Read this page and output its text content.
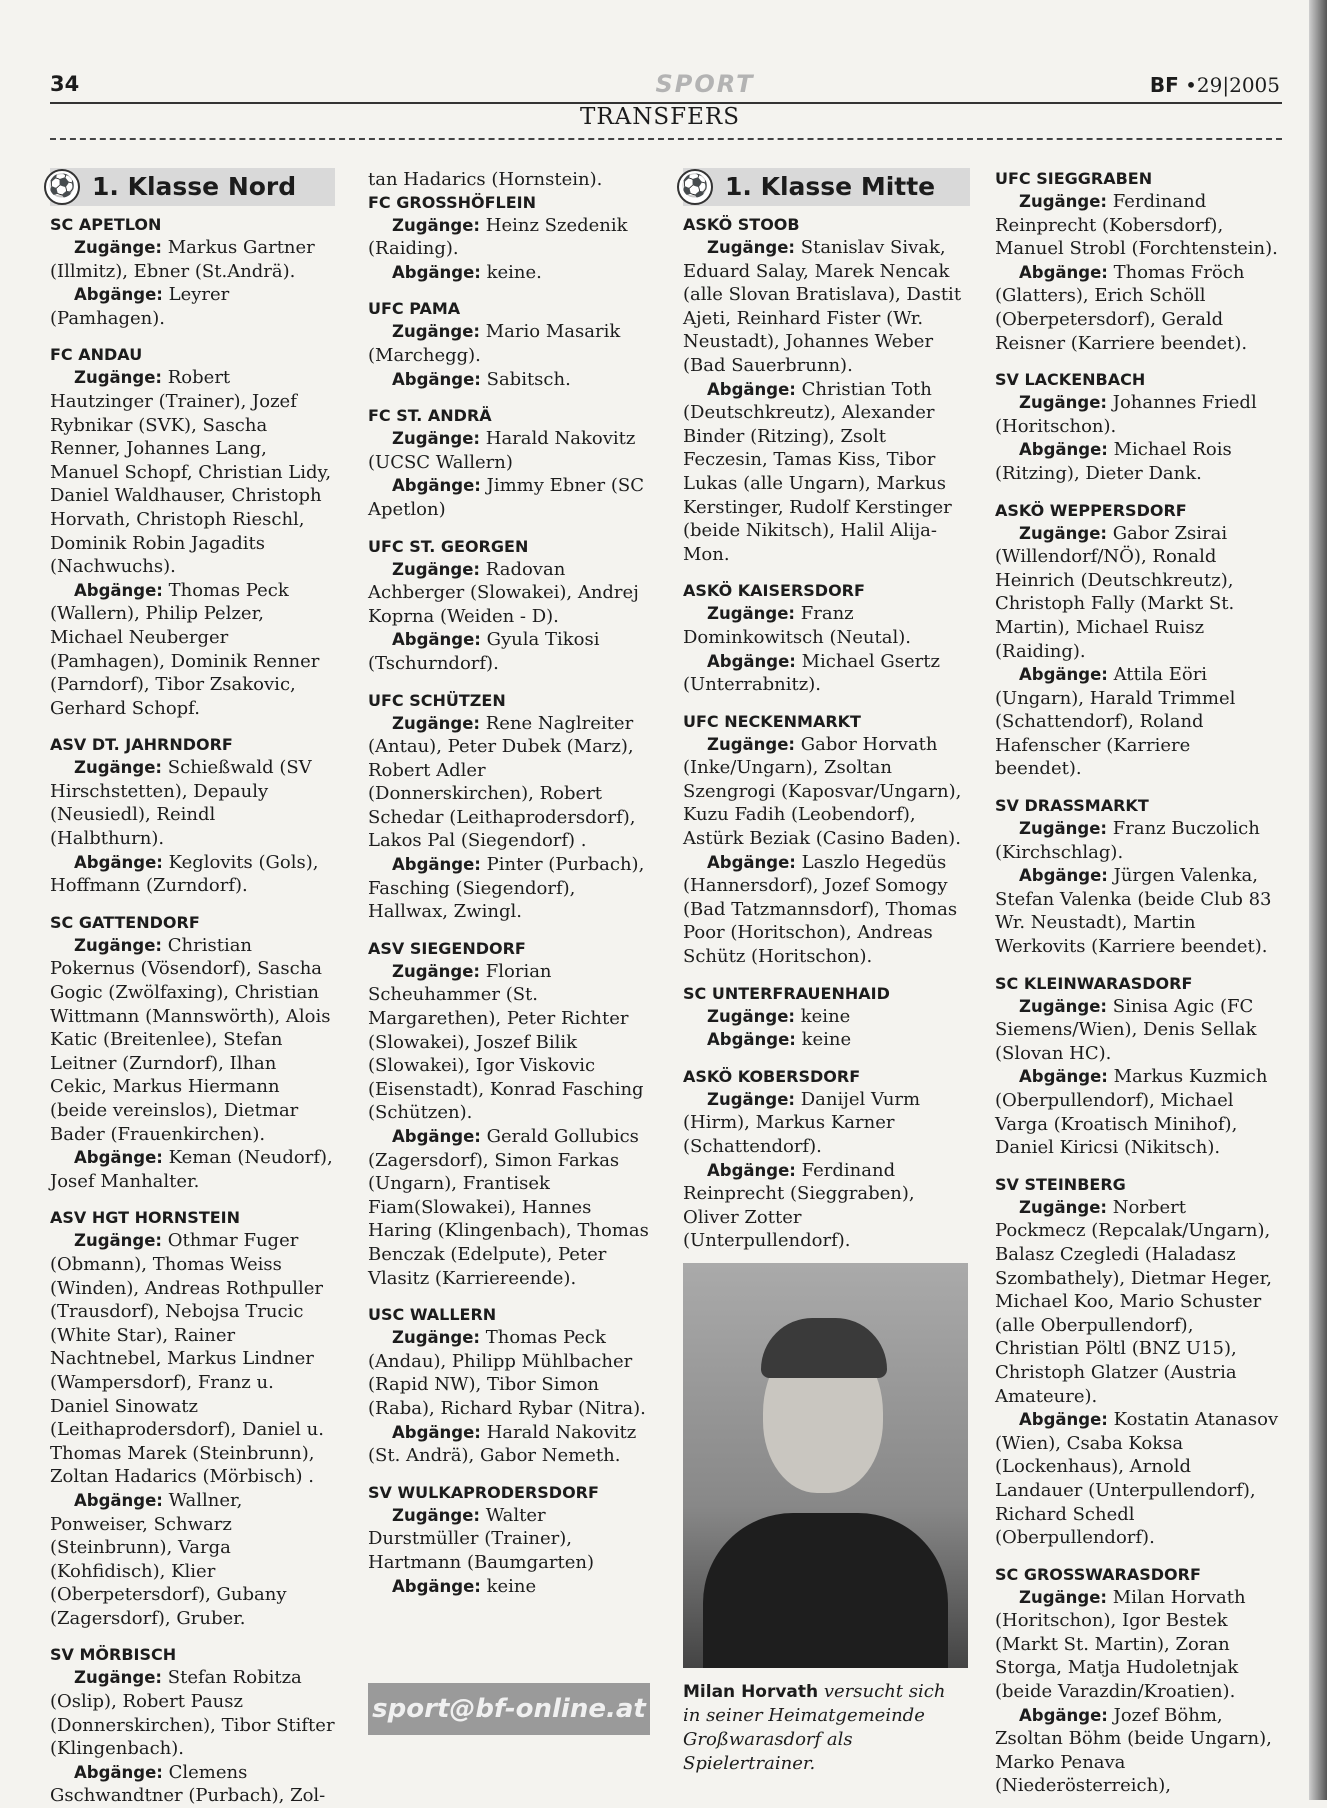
34	SPORT	BF •29|2005
TRANSFERS
⚽ 1. Klasse Nord
SC APETLON

Zugänge: Markus Gartner (Illmitz), Ebner (St.Andrä).

Abgänge: Leyrer (Pamhagen).

FC ANDAU

Zugänge: Robert Hautzinger (Trainer), Jozef Rybnikar (SVK), Sascha Renner, Johannes Lang, Manuel Schopf, Christian Lidy, Daniel Waldhauser, Christoph Horvath, Christoph Rieschl, Dominik Robin Jagadits (Nachwuchs).

Abgänge: Thomas Peck (Wallern), Philip Pelzer, Michael Neuberger (Pamhagen), Dominik Renner (Parndorf), Tibor Zsakovic, Gerhard Schopf.

ASV DT. JAHRNDORF

Zugänge: Schießwald (SV Hirschstetten), Depauly (Neusiedl), Reindl (Halbthurn).

Abgänge: Keglovits (Gols), Hoffmann (Zurndorf).

SC GATTENDORF

Zugänge: Christian Pokernus (Vösendorf), Sascha Gogic (Zwölfaxing), Christian Wittmann (Mannswörth), Alois Katic (Breitenlee), Stefan Leitner (Zurndorf), Ilhan Cekic, Markus Hiermann (beide vereinslos), Dietmar Bader (Frauenkirchen).

Abgänge: Keman (Neudorf), Josef Manhalter.

ASV HGT HORNSTEIN

Zugänge: Othmar Fuger (Obmann), Thomas Weiss (Winden), Andreas Rothpuller (Trausdorf), Nebojsa Trucic (White Star), Rainer Nachtnebel, Markus Lindner (Wampersdorf), Franz u. Daniel Sinowatz (Leithaprodersdorf), Daniel u. Thomas Marek (Steinbrunn), Zoltan Hadarics (Mörbisch) .

Abgänge: Wallner, Ponweiser, Schwarz (Steinbrunn), Varga (Kohfidisch), Klier (Oberpetersdorf), Gubany (Zagersdorf), Gruber.

SV MÖRBISCH

Zugänge: Stefan Robitza (Oslip), Robert Pausz (Donnerskirchen), Tibor Stifter (Klingenbach).

Abgänge: Clemens Gschwandtner (Purbach), Zol-

tan Hadarics (Hornstein).

FC GROSSHÖFLEIN

Zugänge: Heinz Szedenik (Raiding).

Abgänge: keine.

UFC PAMA

Zugänge: Mario Masarik (Marchegg).

Abgänge: Sabitsch.

FC ST. ANDRÄ

Zugänge: Harald Nakovitz (UCSC Wallern)

Abgänge: Jimmy Ebner (SC Apetlon)

UFC ST. GEORGEN

Zugänge: Radovan Achberger (Slowakei), Andrej Koprna (Weiden - D).

Abgänge: Gyula Tikosi (Tschurndorf).

UFC SCHÜTZEN

Zugänge: Rene Naglreiter (Antau), Peter Dubek (Marz), Robert Adler (Donnerskirchen), Robert Schedar (Leithaprodersdorf), Lakos Pal (Siegendorf) .

Abgänge: Pinter (Purbach), Fasching (Siegendorf), Hallwax, Zwingl.

ASV SIEGENDORF

Zugänge: Florian Scheuhammer (St. Margarethen), Peter Richter (Slowakei), Joszef Bilik (Slowakei), Igor Viskovic (Eisenstadt), Konrad Fasching (Schützen).

Abgänge: Gerald Gollubics (Zagersdorf), Simon Farkas (Ungarn), Frantisek Fiam(Slowakei), Hannes Haring (Klingenbach), Thomas Benczak (Edelpute), Peter Vlasitz (Karriereende).

USC WALLERN

Zugänge: Thomas Peck (Andau), Philipp Mühlbacher (Rapid NW), Tibor Simon (Raba), Richard Rybar (Nitra).

Abgänge: Harald Nakovitz (St. Andrä), Gabor Nemeth.

SV WULKAPRODERSDORF

Zugänge: Walter Durstmüller (Trainer), Hartmann (Baumgarten)

Abgänge: keine

⚽ 1. Klasse Mitte
ASKÖ STOOB

Zugänge: Stanislav Sivak, Eduard Salay, Marek Nencak (alle Slovan Bratislava), Dastit Ajeti, Reinhard Fister (Wr. Neustadt), Johannes Weber (Bad Sauerbrunn).

Abgänge: Christian Toth (Deutschkreutz), Alexander Binder (Ritzing), Zsolt Feczesin, Tamas Kiss, Tibor Lukas (alle Ungarn), Markus Kerstinger, Rudolf Kerstinger (beide Nikitsch), Halil Alija-Mon.

ASKÖ KAISERSDORF

Zugänge: Franz Dominkowitsch (Neutal).

Abgänge: Michael Gsertz (Unterrabnitz).

UFC NECKENMARKT

Zugänge: Gabor Horvath (Inke/Ungarn), Zsoltan Szengrogi (Kaposvar/Ungarn), Kuzu Fadih (Leobendorf), Astürk Beziak (Casino Baden).

Abgänge: Laszlo Hegedüs (Hannersdorf), Jozef Somogy (Bad Tatzmannsdorf), Thomas Poor (Horitschon), Andreas Schütz (Horitschon).

SC UNTERFRAUENHAID

Zugänge: keine

Abgänge: keine

ASKÖ KOBERSDORF

Zugänge: Danijel Vurm (Hirm), Markus Karner (Schattendorf).

Abgänge: Ferdinand Reinprecht (Sieggraben), Oliver Zotter (Unterpullendorf).

UFC SIEGGRABEN

Zugänge: Ferdinand Reinprecht (Kobersdorf), Manuel Strobl (Forchtenstein).

Abgänge: Thomas Fröch (Glatters), Erich Schöll (Oberpetersdorf), Gerald Reisner (Karriere beendet).

SV LACKENBACH

Zugänge: Johannes Friedl (Horitschon).

Abgänge: Michael Rois (Ritzing), Dieter Dank.

ASKÖ WEPPERSDORF

Zugänge: Gabor Zsirai (Willendorf/NÖ), Ronald Heinrich (Deutschkreutz), Christoph Fally (Markt St. Martin), Michael Ruisz (Raiding).

Abgänge: Attila Eöri (Ungarn), Harald Trimmel (Schattendorf), Roland Hafenscher (Karriere beendet).

SV DRASSMARKT

Zugänge: Franz Buczolich (Kirchschlag).

Abgänge: Jürgen Valenka, Stefan Valenka (beide Club 83 Wr. Neustadt), Martin Werkovits (Karriere beendet).

SC KLEINWARASDORF

Zugänge: Sinisa Agic (FC Siemens/Wien), Denis Sellak (Slovan HC).

Abgänge: Markus Kuzmich (Oberpullendorf), Michael Varga (Kroatisch Minihof), Daniel Kiricsi (Nikitsch).

SV STEINBERG

Zugänge: Norbert Pockmecz (Repcalak/Ungarn), Balasz Czegledi (Haladasz Szombathely), Dietmar Heger, Michael Koo, Mario Schuster (alle Oberpullendorf), Christian Pöltl (BNZ U15), Christoph Glatzer (Austria Amateure).

Abgänge: Kostatin Atanasov (Wien), Csaba Koksa (Lockenhaus), Arnold Landauer (Unterpullendorf), Richard Schedl (Oberpullendorf).

SC GROSSWARASDORF

Zugänge: Milan Horvath (Horitschon), Igor Bestek (Markt St. Martin), Zoran Storga, Matja Hudoletnjak (beide Varazdin/Kroatien).

Abgänge: Jozef Böhm, Zsoltan Böhm (beide Ungarn), Marko Penava (Niederösterreich),

Milan Horvath versucht sich in seiner Heimatgemeinde Großwarasdorf als Spielertrainer.
sport@bf-online.at
